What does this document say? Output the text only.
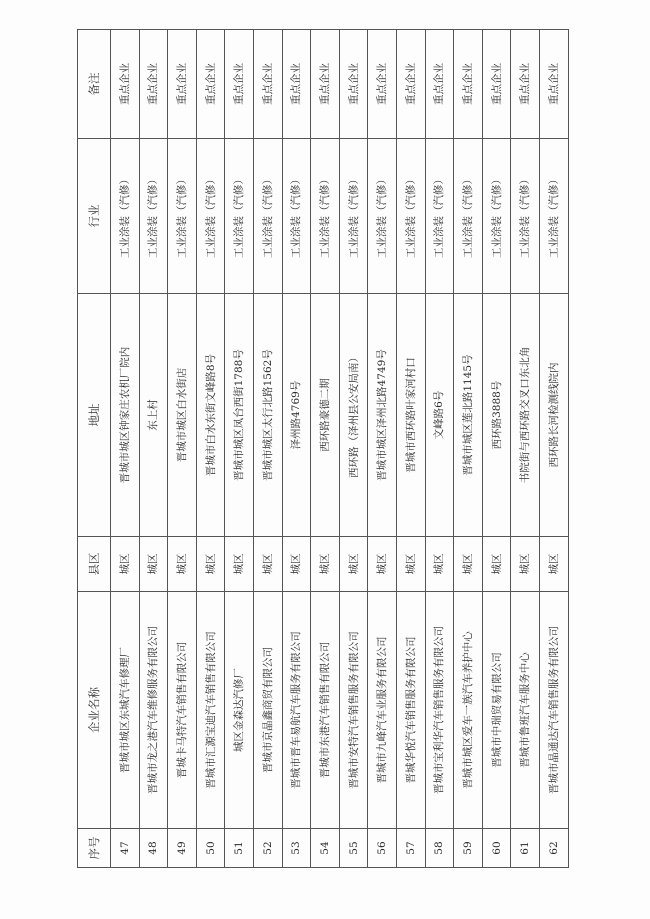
序号	企业名称	县区	地址	行业	备注
47	晋城市城区东城汽车修理厂	城区	晋城市城区钟家庄农机厂院内	工业涂装（汽修）	重点企业
48	晋城市龙之港汽车维修服务有限公司	城区	东上村	工业涂装（汽修）	重点企业
49	晋城卡马特汽车销售有限公司	城区	晋城市城区白水街店	工业涂装（汽修）	重点企业
50	晋城市汇源宝迪汽车销售有限公司	城区	晋城市白水东街文峰路8号	工业涂装（汽修）	重点企业
51	城区金森达汽修厂	城区	晋城市城区凤台西街1788号	工业涂装（汽修）	重点企业
52	晋城市京晶鑫商贸有限公司	城区	晋城市城区太行北路1562号	工业涂装（汽修）	重点企业
53	晋城市晋车易航汽车服务有限公司	城区	泽州路4769号	工业涂装（汽修）	重点企业
54	晋城市东港汽车销售有限公司	城区	西环路豪德二期	工业涂装（汽修）	重点企业
55	晋城市安特汽车销售服务有限公司	城区	西环路（泽州县公安局南）	工业涂装（汽修）	重点企业
56	晋城市九峰汽车业服务有限公司	城区	晋城市城区泽州北路4749号	工业涂装（汽修）	重点企业
57	晋城华悦汽车销售服务有限公司	城区	晋城市西环路叶家河村口	工业涂装（汽修）	重点企业
58	晋城市宝利华汽车销售服务有限公司	城区	文峰路6号	工业涂装（汽修）	重点企业
59	晋城市城区爱车一族汽车养护中心	城区	晋城市城区莲北路1145号	工业涂装（汽修）	重点企业
60	晋城市中瑞贸易有限公司	城区	西环路3888号	工业涂装（汽修）	重点企业
61	晋城市鲁班汽车服务中心	城区	书院街与西环路交叉口东北角	工业涂装（汽修）	重点企业
62	晋城市晶通达汽车销售服务有限公司	城区	西环路长河检测线院内	工业涂装（汽修）	重点企业
